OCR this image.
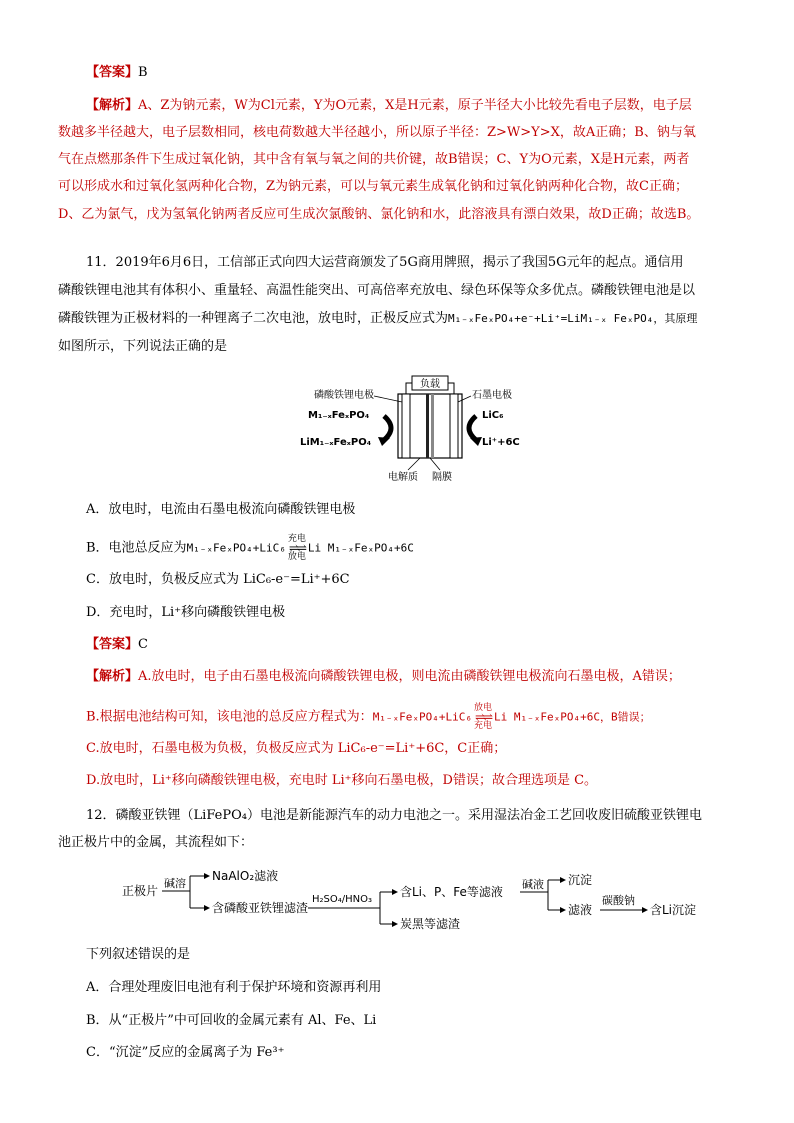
【答案】B
【解析】A、Z为钠元素，W为Cl元素，Y为O元素，X是H元素，原子半径大小比较先看电子层数，电子层
数越多半径越大，电子层数相同，核电荷数越大半径越小，所以原子半径：Z>W>Y>X，故A正确；B、钠与氧
气在点燃那条件下生成过氧化钠，其中含有氧与氧之间的共价键，故B错误；C、Y为O元素，X是H元素，两者
可以形成水和过氧化氢两种化合物，Z为钠元素，可以与氧元素生成氧化钠和过氧化钠两种化合物，故C正确；
D、乙为氯气，戊为氢氧化钠两者反应可生成次氯酸钠、氯化钠和水，此溶液具有漂白效果，故D正确；故选B。
11．2019年6月6日，工信部正式向四大运营商颁发了5G商用牌照，揭示了我国5G元年的起点。通信用
磷酸铁锂电池其有体积小、重量轻、高温性能突出、可高倍率充放电、绿色环保等众多优点。磷酸铁锂电池是以
磷酸铁锂为正极材料的一种锂离子二次电池，放电时，正极反应式为M₁₋ₓFeₓPO₄+e⁻+Li⁺=LiM₁₋ₓ FeₓPO₄，其原理
如图所示，下列说法正确的是
负载
磷酸铁锂电极	石墨电极
M₁₋ₓFeₓPO₄
LiM₁₋ₓFeₓPO₄
LiC₆
Li⁺+6C
电解质 隔膜
A．放电时，电流由石墨电极流向磷酸铁锂电极
B．电池总反应为M₁₋ₓFeₓPO₄+LiC₆
充电
⇌⇌
放电
Li M₁₋ₓFeₓPO₄+6C
C．放电时，负极反应式为 LiC₆-e⁻=Li⁺+6C
D．充电时，Li⁺移向磷酸铁锂电极
【答案】C
【解析】A.放电时，电子由石墨电极流向磷酸铁锂电极，则电流由磷酸铁锂电极流向石墨电极，A错误；
B.根据电池结构可知，该电池的总反应方程式为：M₁₋ₓFeₓPO₄+LiC₆
放电
⇌⇌
充电
Li M₁₋ₓFeₓPO₄+6C，B错误；
C.放电时，石墨电极为负极，负极反应式为 LiC₆-e⁻=Li⁺+6C，C正确；
D.放电时，Li⁺移向磷酸铁锂电极，充电时 Li⁺移向石墨电极，D错误；故合理选项是 C。
12．磷酸亚铁锂（LiFePO₄）电池是新能源汽车的动力电池之一。采用湿法冶金工艺回收废旧硫酸亚铁锂电
池正极片中的金属，其流程如下：
正极片
碱溶
NaAlO₂滤液
含磷酸亚铁锂滤渣
H₂SO₄/HNO₃
含Li、P、Fe等滤液
炭黑等滤渣
碱液 沉淀
滤液
碳酸钠
含Li沉淀
下列叙述错误的是
A．合理处理废旧电池有利于保护环境和资源再利用
B．从“正极片”中可回收的金属元素有 Al、Fe、Li
C．“沉淀”反应的金属离子为 Fe³⁺
